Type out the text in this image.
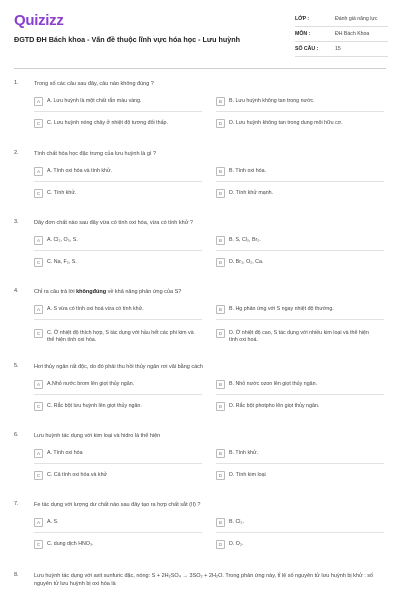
Quizizz
ĐGTD ĐH Bách khoa - Vấn đề thuộc lĩnh vực hóa học - Lưu huỳnh
LỚP :	Đánh giá năng lực
MÔN :	ĐH Bách Khoa
SỐ CÂU :	15
1.	Trong số các câu sau đây, câu nào không đúng ?
A	A. Lưu huỳnh là một chất rắn màu vàng.	B	B. Lưu huỳnh không tan trong nước.
C	C. Lưu huỳnh nóng chảy ở nhiệt độ tương đối thấp.	D	D. Lưu huỳnh không tan trong dung môi hữu cơ.
2.	Tính chất hóa học đặc trưng của lưu huỳnh là gì ?
A	A. Tính oxi hóa và tính khử.	B	B. Tính oxi hóa.
C	C. Tính khử.	D	D. Tính khử mạnh.
3.	Dãy đơn chất nào sau đây vừa có tính oxi hóa, vừa có tính khử ?
A	A. Cl₂, O₃, S.	B	B. S, Cl₂, Br₂.
C	C. Na, F₂, S.	D	D. Br₂, O₂, Ca.
4.	Chỉ ra câu trả lời khôngđúng về khả năng phản ứng của S?
A	A. S vừa có tính oxi hoá vừa có tính khử.	B	B. Hg phản ứng với S ngay nhiệt độ thường.
C	C. Ở nhiệt độ thích hợp, S tác dụng với hầu hết các phi kim và thể hiện tính oxi hóa.
D	D. Ở nhiệt độ cao, S tác dụng với nhiều kim loại và thể hiện tính oxi hoá.
5.	Hơi thủy ngân rất độc, do đó phải thu hồi thủy ngân rơi vãi bằng cách
A	A.Nhỏ nước brom lên giọt thủy ngân.	B	B. Nhỏ nước ozon lên giọt thủy ngân.
C	C. Rắc bột lưu huỳnh lên giọt thủy ngân.	D	D. Rắc bột photpho lên giọt thủy ngân.
6.	Lưu huỳnh tác dụng với kim loại và hidro là thể hiện
A	A. Tính oxi hóa	B	B. Tính khử.
C	C. Cả tính oxi hóa và khử	D	D. Tính kim loại
7.	Fe tác dụng với lượng dư chất nào sau đây tạo ra hợp chất sắt (II) ?
A	A. S.	B	B. Cl₂.
C	C. dung dịch HNO₃.	D	D. O₂.
8.	Lưu huỳnh tác dụng với axit sunfuric đặc, nóng: S + 2H₂SO₄ → 3SO₂ + 2H₂O. Trong phản ứng này, tỉ lệ số nguyên tử lưu huỳnh bị khử : số nguyên tử lưu huỳnh bị oxi hóa là
